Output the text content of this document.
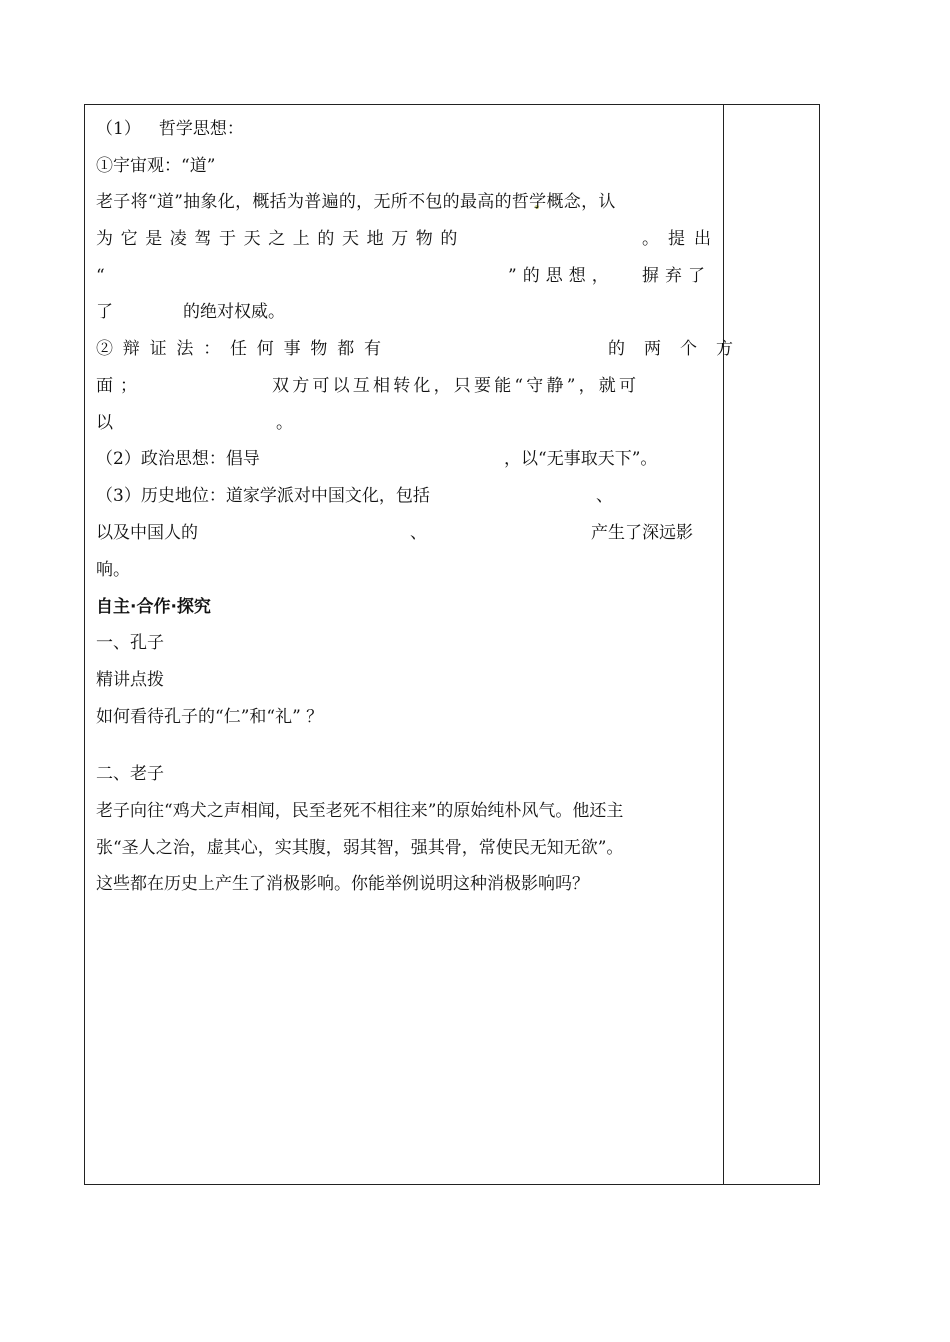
（1） 哲学思想：
①宇宙观：“道”
老子将“道”抽象化，概括为普遍的，无所不包的最高的哲学概念，认
为它是凌驾于天之上的天地万物的	。提出
“	”的思想， 摒弃了
了	的绝对权威。
②辩证法：任何事物都有	的两个方
面；	双方可以互相转化，只要能“守静”，就可
以	。
（2）政治思想：倡导	，以“无事取天下”。
（3）历史地位：道家学派对中国文化，包括	、
以及中国人的	、	产生了深远影
响。
自主·合作·探究
一、孔子
精讲点拨
如何看待孔子的“仁”和“礼” ？
二、老子
老子向往“鸡犬之声相闻，民至老死不相往来”的原始纯朴风气。他还主
张“圣人之治，虚其心，实其腹，弱其智，强其骨，常使民无知无欲”。
这些都在历史上产生了消极影响。你能举例说明这种消极影响吗？
